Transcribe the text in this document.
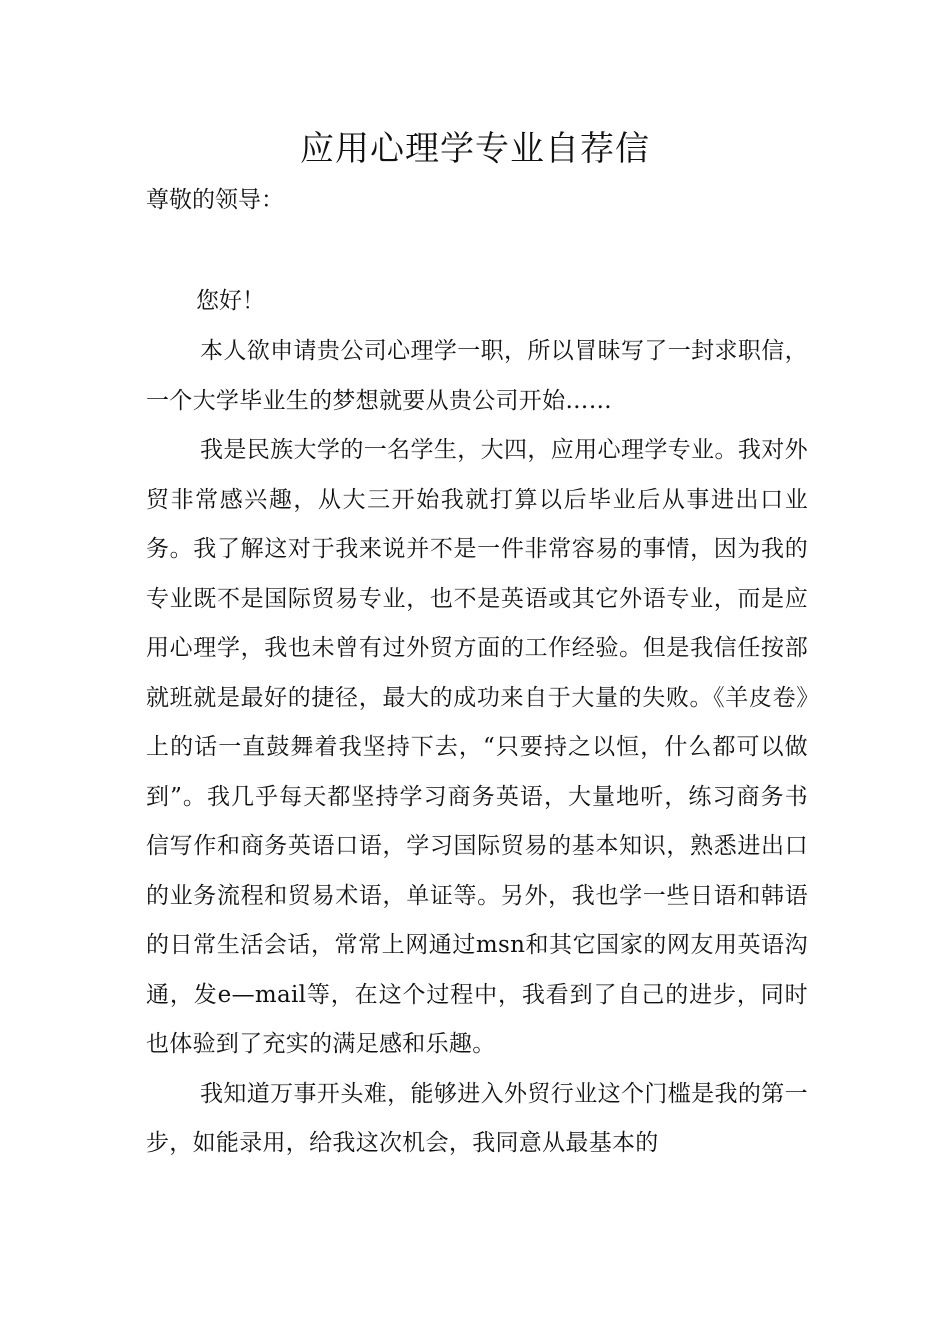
应用心理学专业自荐信

尊敬的领导：

您好！

本人欲申请贵公司心理学一职，所以冒昧写了一封求职信，一个大学毕业生的梦想就要从贵公司开始……

我是民族大学的一名学生，大四，应用心理学专业。我对外贸非常感兴趣，从大三开始我就打算以后毕业后从事进出口业务。我了解这对于我来说并不是一件非常容易的事情，因为我的专业既不是国际贸易专业，也不是英语或其它外语专业，而是应用心理学，我也未曾有过外贸方面的工作经验。但是我信任按部就班就是最好的捷径，最大的成功来自于大量的失败。《羊皮卷》上的话一直鼓舞着我坚持下去，“只要持之以恒，什么都可以做到”。我几乎每天都坚持学习商务英语，大量地听，练习商务书信写作和商务英语口语，学习国际贸易的基本知识，熟悉进出口的业务流程和贸易术语，单证等。另外，我也学一些日语和韩语的日常生活会话，常常上网通过msn和其它国家的网友用英语沟通，发e—mail等，在这个过程中，我看到了自己的进步，同时也体验到了充实的满足感和乐趣。

我知道万事开头难，能够进入外贸行业这个门槛是我的第一步，如能录用，给我这次机会，我同意从最基本的
